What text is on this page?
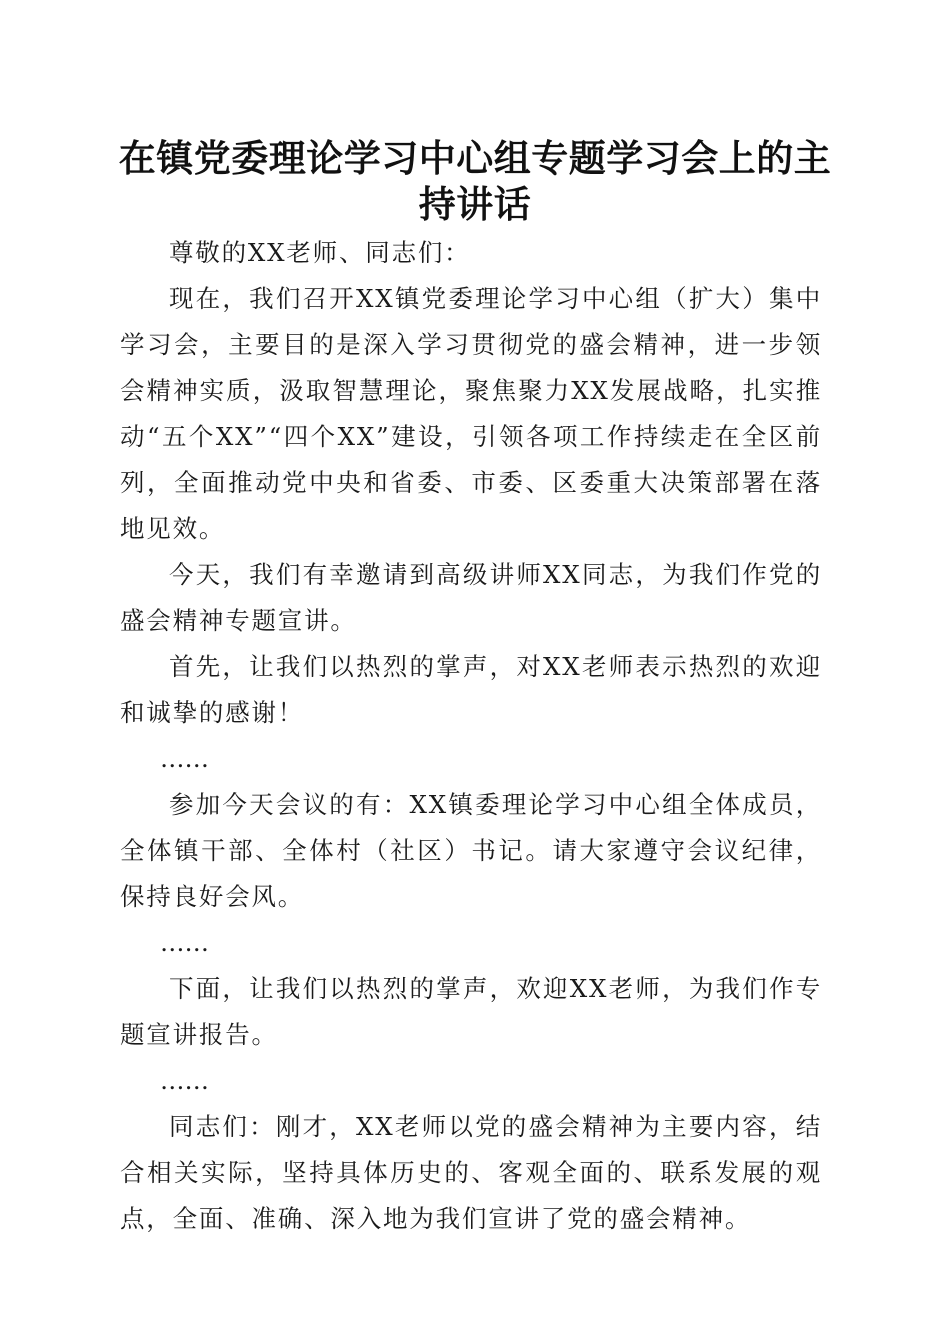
在镇党委理论学习中心组专题学习会上的主持讲话

尊敬的XX老师、同志们：

现在，我们召开XX镇党委理论学习中心组（扩大）集中学习会，主要目的是深入学习贯彻党的盛会精神，进一步领会精神实质，汲取智慧理论，聚焦聚力XX发展战略，扎实推动“五个XX”“四个XX”建设，引领各项工作持续走在全区前列，全面推动党中央和省委、市委、区委重大决策部署在落地见效。

今天，我们有幸邀请到高级讲师XX同志，为我们作党的盛会精神专题宣讲。

首先，让我们以热烈的掌声，对XX老师表示热烈的欢迎和诚挚的感谢！

……

参加今天会议的有：XX镇委理论学习中心组全体成员，全体镇干部、全体村（社区）书记。请大家遵守会议纪律，保持良好会风。

……

下面，让我们以热烈的掌声，欢迎XX老师，为我们作专题宣讲报告。

……

同志们：刚才，XX老师以党的盛会精神为主要内容，结合相关实际，坚持具体历史的、客观全面的、联系发展的观点，全面、准确、深入地为我们宣讲了党的盛会精神。
